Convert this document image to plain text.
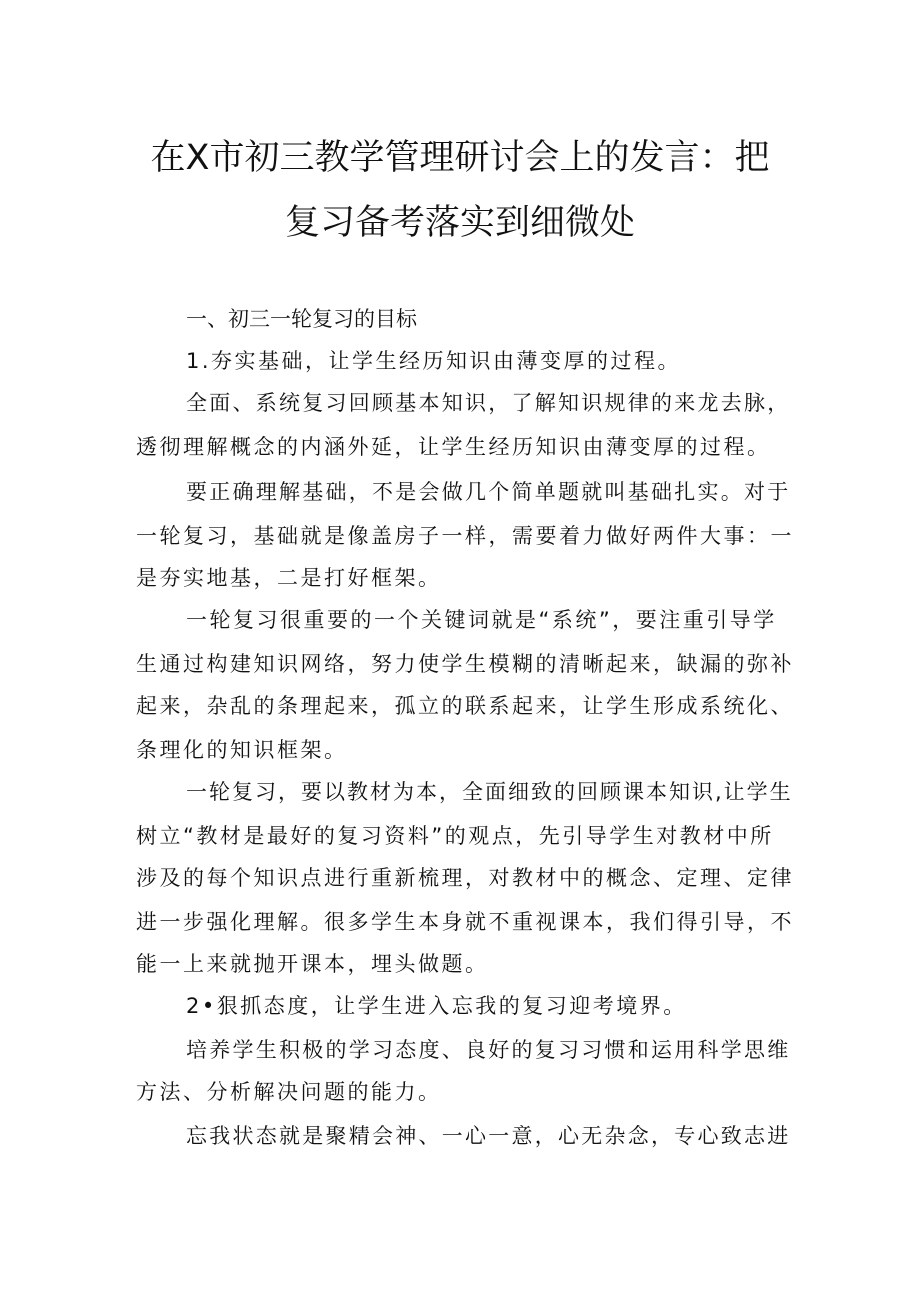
在X市初三教学管理研讨会上的发言：把
复习备考落实到细微处
一、初三一轮复习的目标
1.夯实基础，让学生经历知识由薄变厚的过程。
全面、系统复习回顾基本知识，了解知识规律的来龙去脉，
透彻理解概念的内涵外延，让学生经历知识由薄变厚的过程。
要正确理解基础，不是会做几个简单题就叫基础扎实。对于
一轮复习，基础就是像盖房子一样，需要着力做好两件大事：一
是夯实地基，二是打好框架。
一轮复习很重要的一个关键词就是“系统”，要注重引导学
生通过构建知识网络，努力使学生模糊的清晰起来，缺漏的弥补
起来，杂乱的条理起来，孤立的联系起来，让学生形成系统化、
条理化的知识框架。
一轮复习，要以教材为本，全面细致的回顾课本知识,让学生
树立“教材是最好的复习资料”的观点，先引导学生对教材中所
涉及的每个知识点进行重新梳理，对教材中的概念、定理、定律
进一步强化理解。很多学生本身就不重视课本，我们得引导，不
能一上来就抛开课本，埋头做题。
2•狠抓态度，让学生进入忘我的复习迎考境界。
培养学生积极的学习态度、良好的复习习惯和运用科学思维
方法、分析解决问题的能力。
忘我状态就是聚精会神、一心一意，心无杂念，专心致志进
